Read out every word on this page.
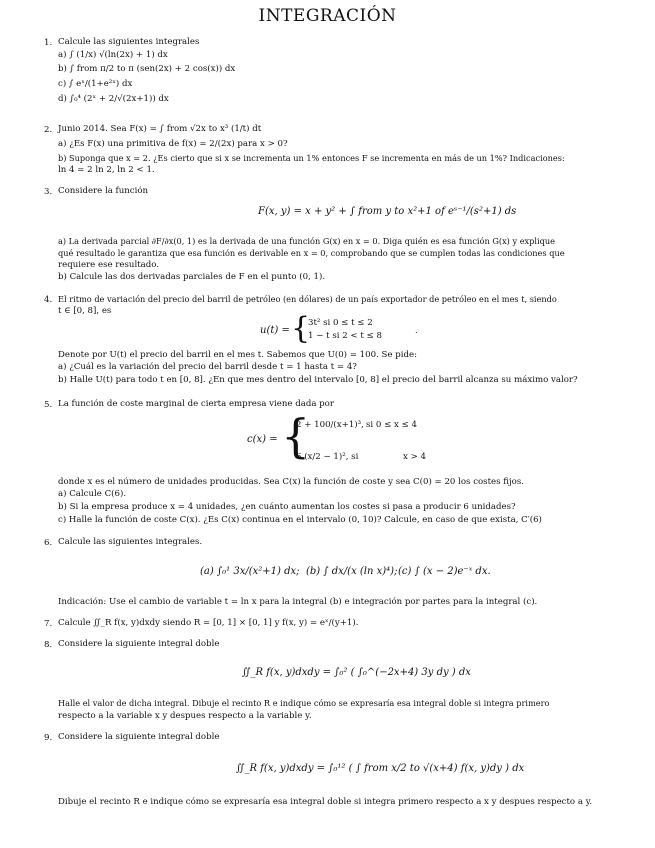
INTEGRACIÓN
1. Calcule las siguientes integrales
a) ∫ (1/x) √(ln(2x) + 1) dx
b) ∫ from π/2 to π (sen(2x) + 2 cos(x)) dx
c) ∫ eˣ/(1+e²ˣ) dx
d) ∫₀⁴ (2ˣ + 2/√(2x+1)) dx
2. Junio 2014. Sea F(x) = ∫ from √2x to x³ (1/t) dt
a) ¿Es F(x) una primitiva de f(x) = 2/(2x) para x > 0?
b) Suponga que x = 2. ¿Es cierto que si x se incrementa un 1% entonces F se incrementa en más de un 1%? Indicaciones:
ln 4 = 2 ln 2, ln 2 < 1.
3. Considere la función
F(x, y) = x + y² + ∫ from y to x²+1 of eˢ⁻¹/(s²+1) ds
a) La derivada parcial ∂F/∂x(0, 1) es la derivada de una función G(x) en x = 0. Diga quién es esa función G(x) y explique
qué resultado le garantiza que esa función es derivable en x = 0, comprobando que se cumplen todas las condiciones que
requiere ese resultado.
b) Calcule las dos derivadas parciales de F en el punto (0, 1).
4. El ritmo de variación del precio del barril de petróleo (en dólares) de un país exportador de petróleo en el mes t, siendo
t ∈ [0, 8], es
u(t) = {
3t² si 0 ≤ t ≤ 2
1 − t si 2 < t ≤ 8	.
Denote por U(t) el precio del barril en el mes t. Sabemos que U(0) = 100. Se pide:
a) ¿Cuál es la variación del precio del barril desde t = 1 hasta t = 4?
b) Halle U(t) para todo t en [0, 8]. ¿En que mes dentro del intervalo [0, 8] el precio del barril alcanza su máximo valor?
5. La función de coste marginal de cierta empresa viene dada por
c(x) = {
2 + 100/(x+1)³, si 0 ≤ x ≤ 4
6 (x/2 − 1)², si	x > 4
donde x es el número de unidades producidas. Sea C(x) la función de coste y sea C(0) = 20 los costes fijos.
a) Calcule C(6).
b) Si la empresa produce x = 4 unidades, ¿en cuánto aumentan los costes si pasa a producir 6 unidades?
c) Halle la función de coste C(x). ¿Es C(x) continua en el intervalo (0, 10)? Calcule, en caso de que exista, C′(6)
6. Calcule las siguientes integrales.
(a) ∫₀¹ 3x/(x²+1) dx; (b) ∫ dx/(x (ln x)⁴); (c) ∫ (x − 2)e⁻ˣ dx.
Indicación: Use el cambio de variable t = ln x para la integral (b) e integración por partes para la integral (c).
7. Calcule ∬_R f(x, y)dxdy siendo R = [0, 1] × [0, 1] y f(x, y) = eˣ/(y+1).
8. Considere la siguiente integral doble
∬_R f(x, y)dxdy = ∫₀² ( ∫₀^(−2x+4) 3y dy ) dx
Halle el valor de dicha integral. Dibuje el recinto R e indique cómo se expresaría esa integral doble si integra primero
respecto a la variable x y despues respecto a la variable y.
9. Considere la siguiente integral doble
∬_R f(x, y)dxdy = ∫₀¹² ( ∫ from x/2 to √(x+4) f(x, y)dy ) dx
Dibuje el recinto R e indique cómo se expresaría esa integral doble si integra primero respecto a x y despues respecto a y.
